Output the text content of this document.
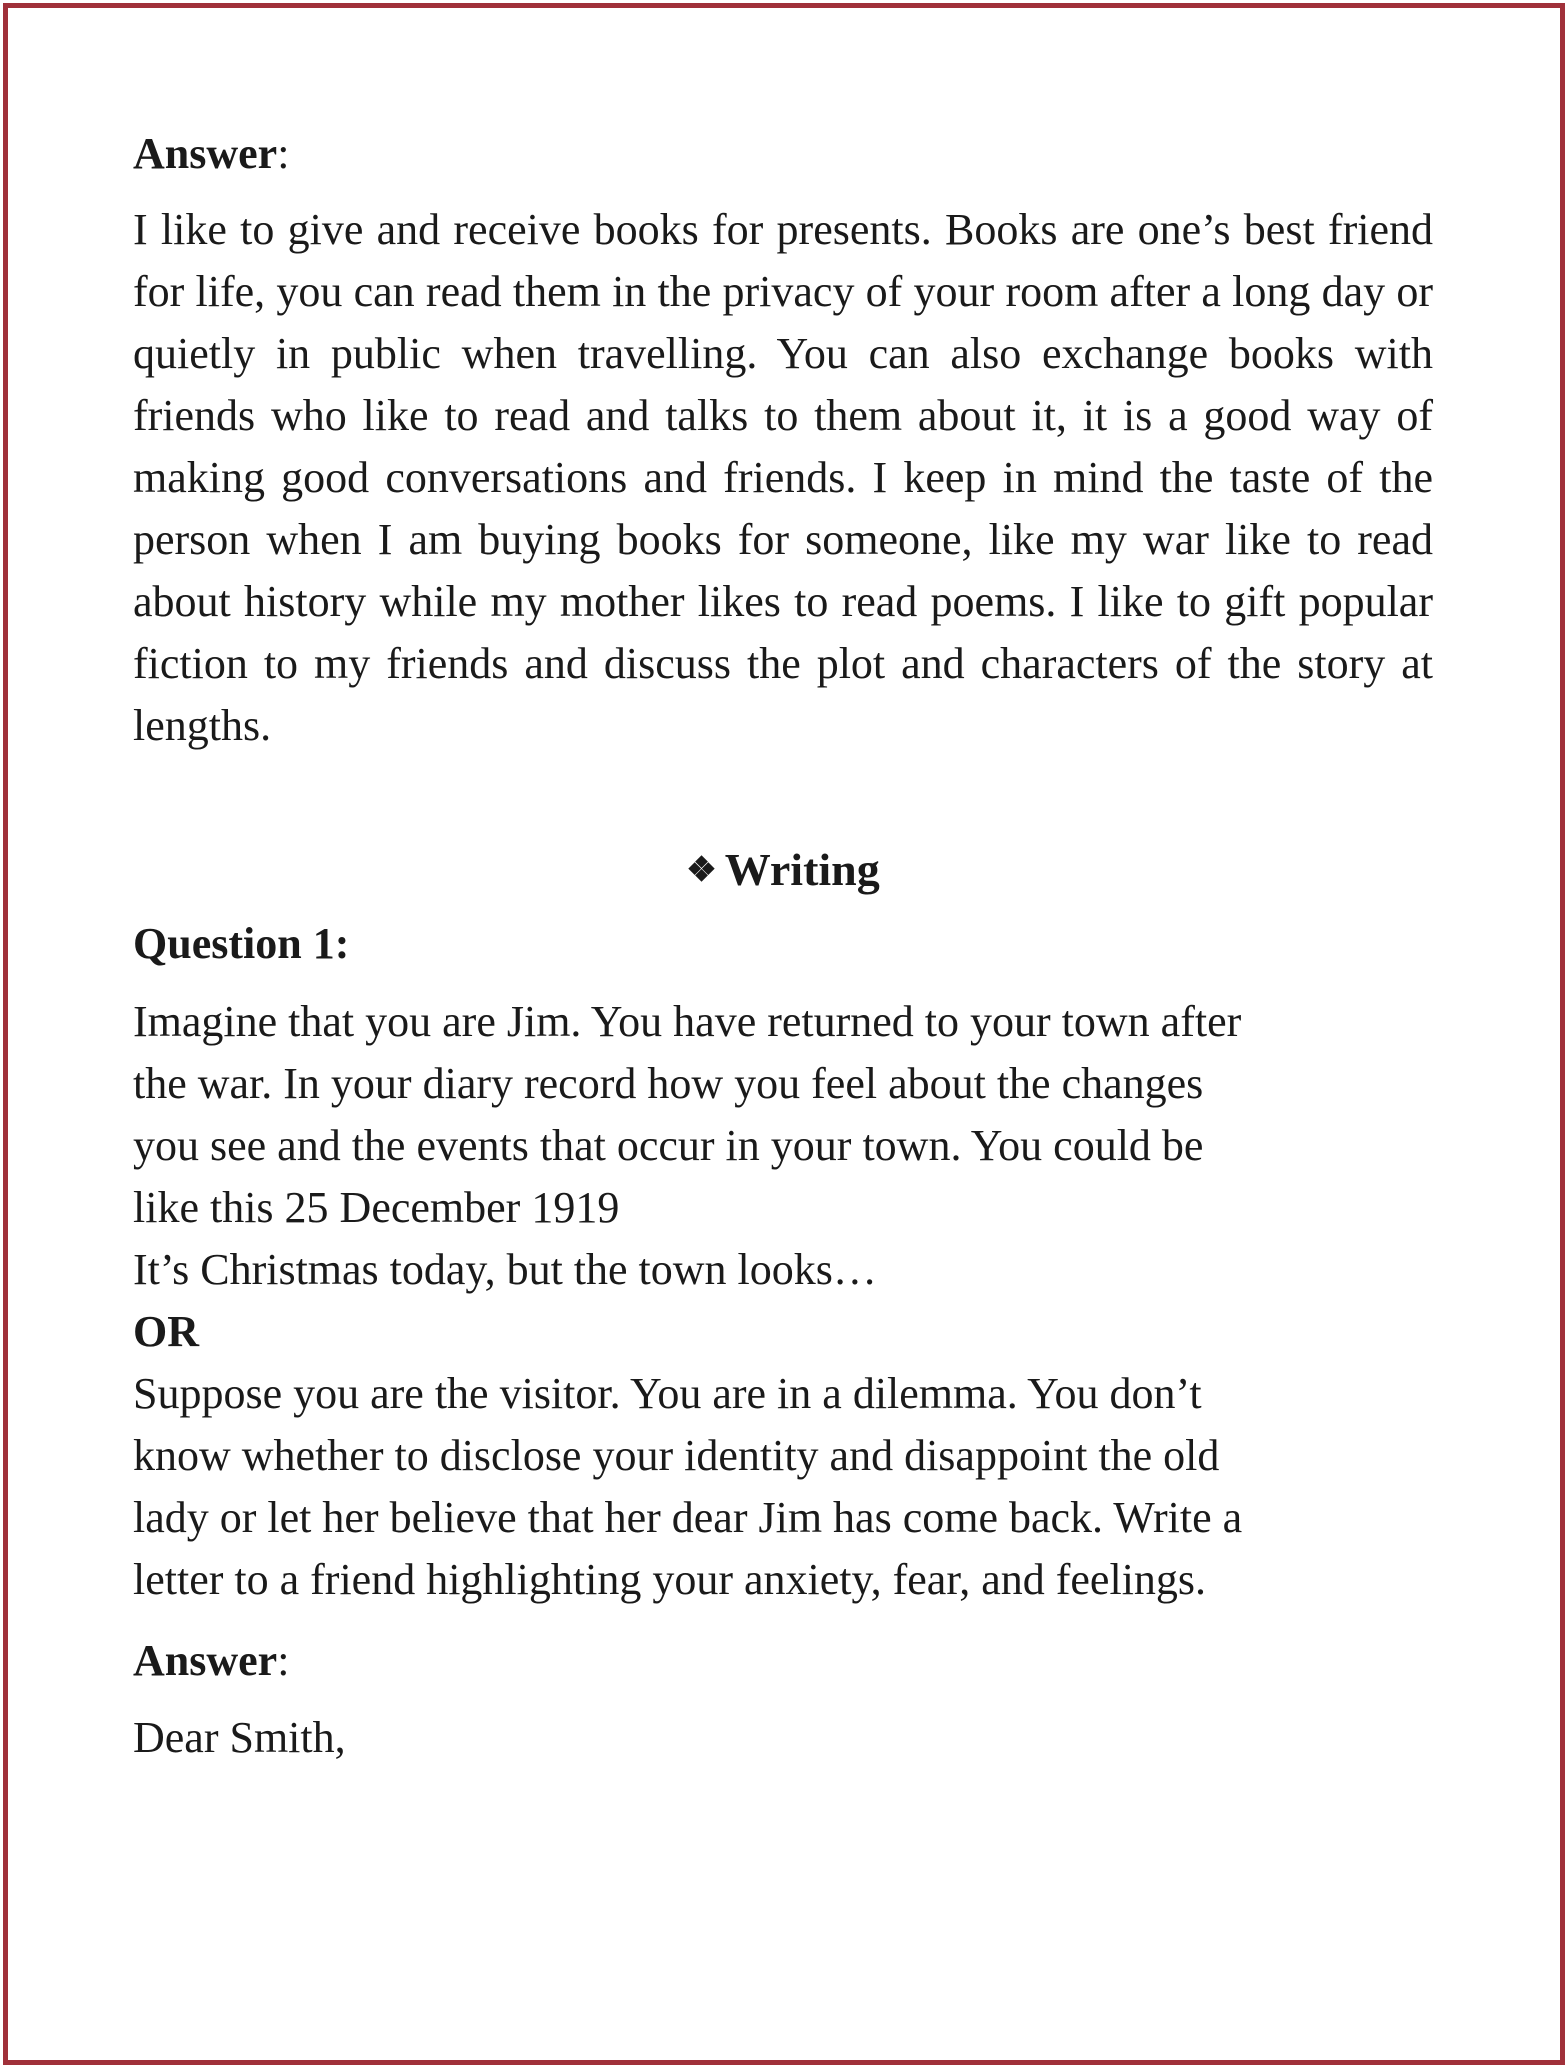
Answer:

I like to give and receive books for presents. Books are one’s best friend for life, you can read them in the privacy of your room after a long day or quietly in public when travelling. You can also exchange books with friends who like to read and talks to them about it, it is a good way of making good conversations and friends. I keep in mind the taste of the person when I am buying books for someone, like my war like to read about history while my mother likes to read poems. I like to gift popular fiction to my friends and discuss the plot and characters of the story at lengths.

❖ Writing

Question 1:

Imagine that you are Jim. You have returned to your town after

the war. In your diary record how you feel about the changes

you see and the events that occur in your town. You could be

like this 25 December 1919

It’s Christmas today, but the town looks…

OR

Suppose you are the visitor. You are in a dilemma. You don’t

know whether to disclose your identity and disappoint the old

lady or let her believe that her dear Jim has come back. Write a

letter to a friend highlighting your anxiety, fear, and feelings.

Answer:

Dear Smith,
